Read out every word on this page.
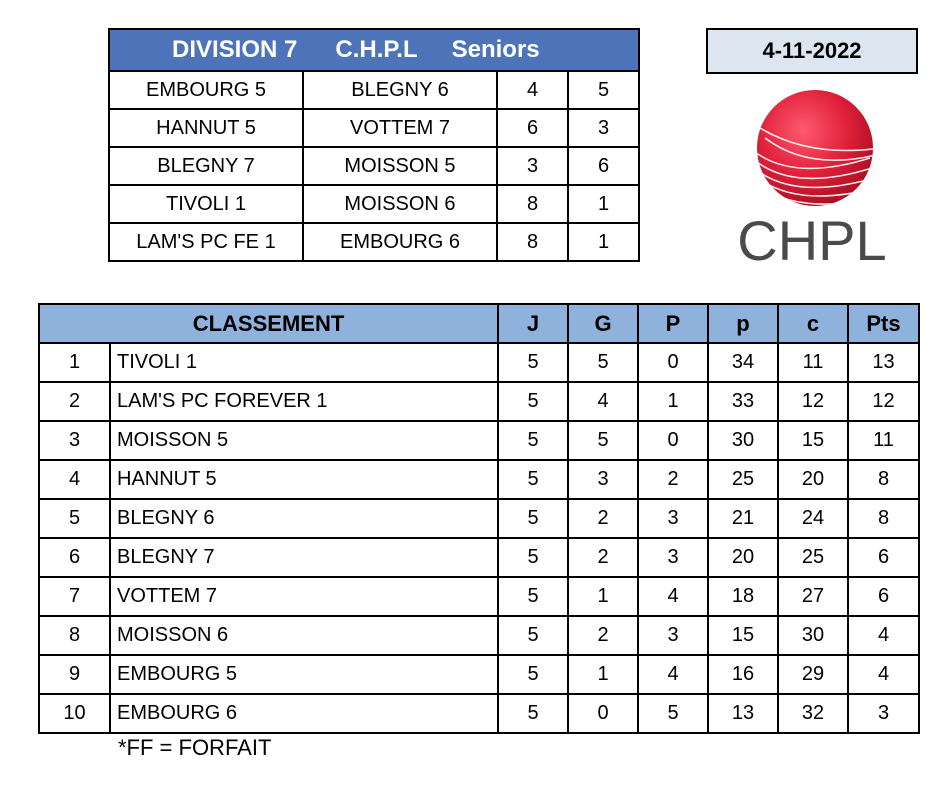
DIVISION 7 C.H.P.L Seniors			

EMBOURG 5	BLEGNY 6	4	5
HANNUT 5	VOTTEM 7	6	3
BLEGNY 7	MOISSON 5	3	6
TIVOLI 1	MOISSON 6	8	1
LAM'S PC FE 1	EMBOURG 6	8	1
4-11-2022
CHPL
CLASSEMENT		J	G	P	p	c	Pts
1	TIVOLI 1	5	5	0	34	11	13
2	LAM'S PC FOREVER 1	5	4	1	33	12	12
3	MOISSON 5	5	5	0	30	15	11
4	HANNUT 5	5	3	2	25	20	8
5	BLEGNY 6	5	2	3	21	24	8
6	BLEGNY 7	5	2	3	20	25	6
7	VOTTEM 7	5	1	4	18	27	6
8	MOISSON 6	5	2	3	15	30	4
9	EMBOURG 5	5	1	4	16	29	4
10	EMBOURG 6	5	0	5	13	32	3
*FF = FORFAIT
